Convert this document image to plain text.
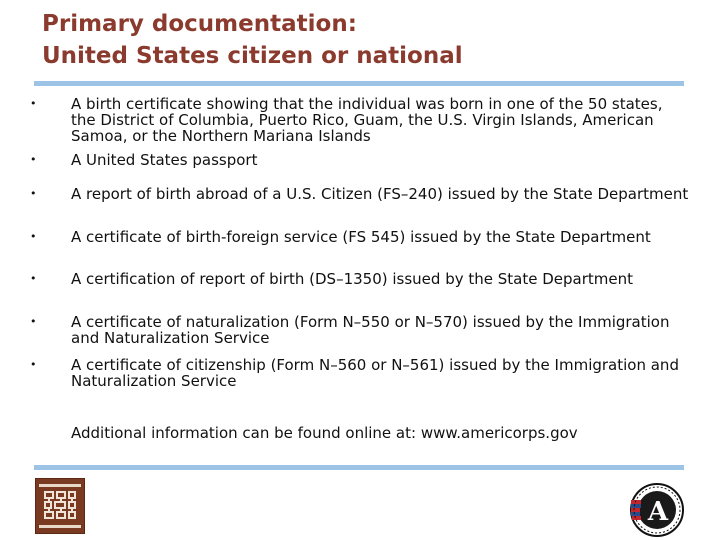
Primary documentation:
United States citizen or national
• A birth certificate showing that the individual was born in one of the 50 states, the District of Columbia, Puerto Rico, Guam, the U.S. Virgin Islands, American Samoa, or the Northern Mariana Islands
• A United States passport
• A report of birth abroad of a U.S. Citizen (FS–240) issued by the State Department
• A certificate of birth-foreign service (FS 545) issued by the State Department
• A certification of report of birth (DS–1350) issued by the State Department
• A certificate of naturalization (Form N–550 or N–570) issued by the Immigration and Naturalization Service
• A certificate of citizenship (Form N–560 or N–561) issued by the Immigration and Naturalization Service
Additional information can be found online at: www.americorps.gov
A
